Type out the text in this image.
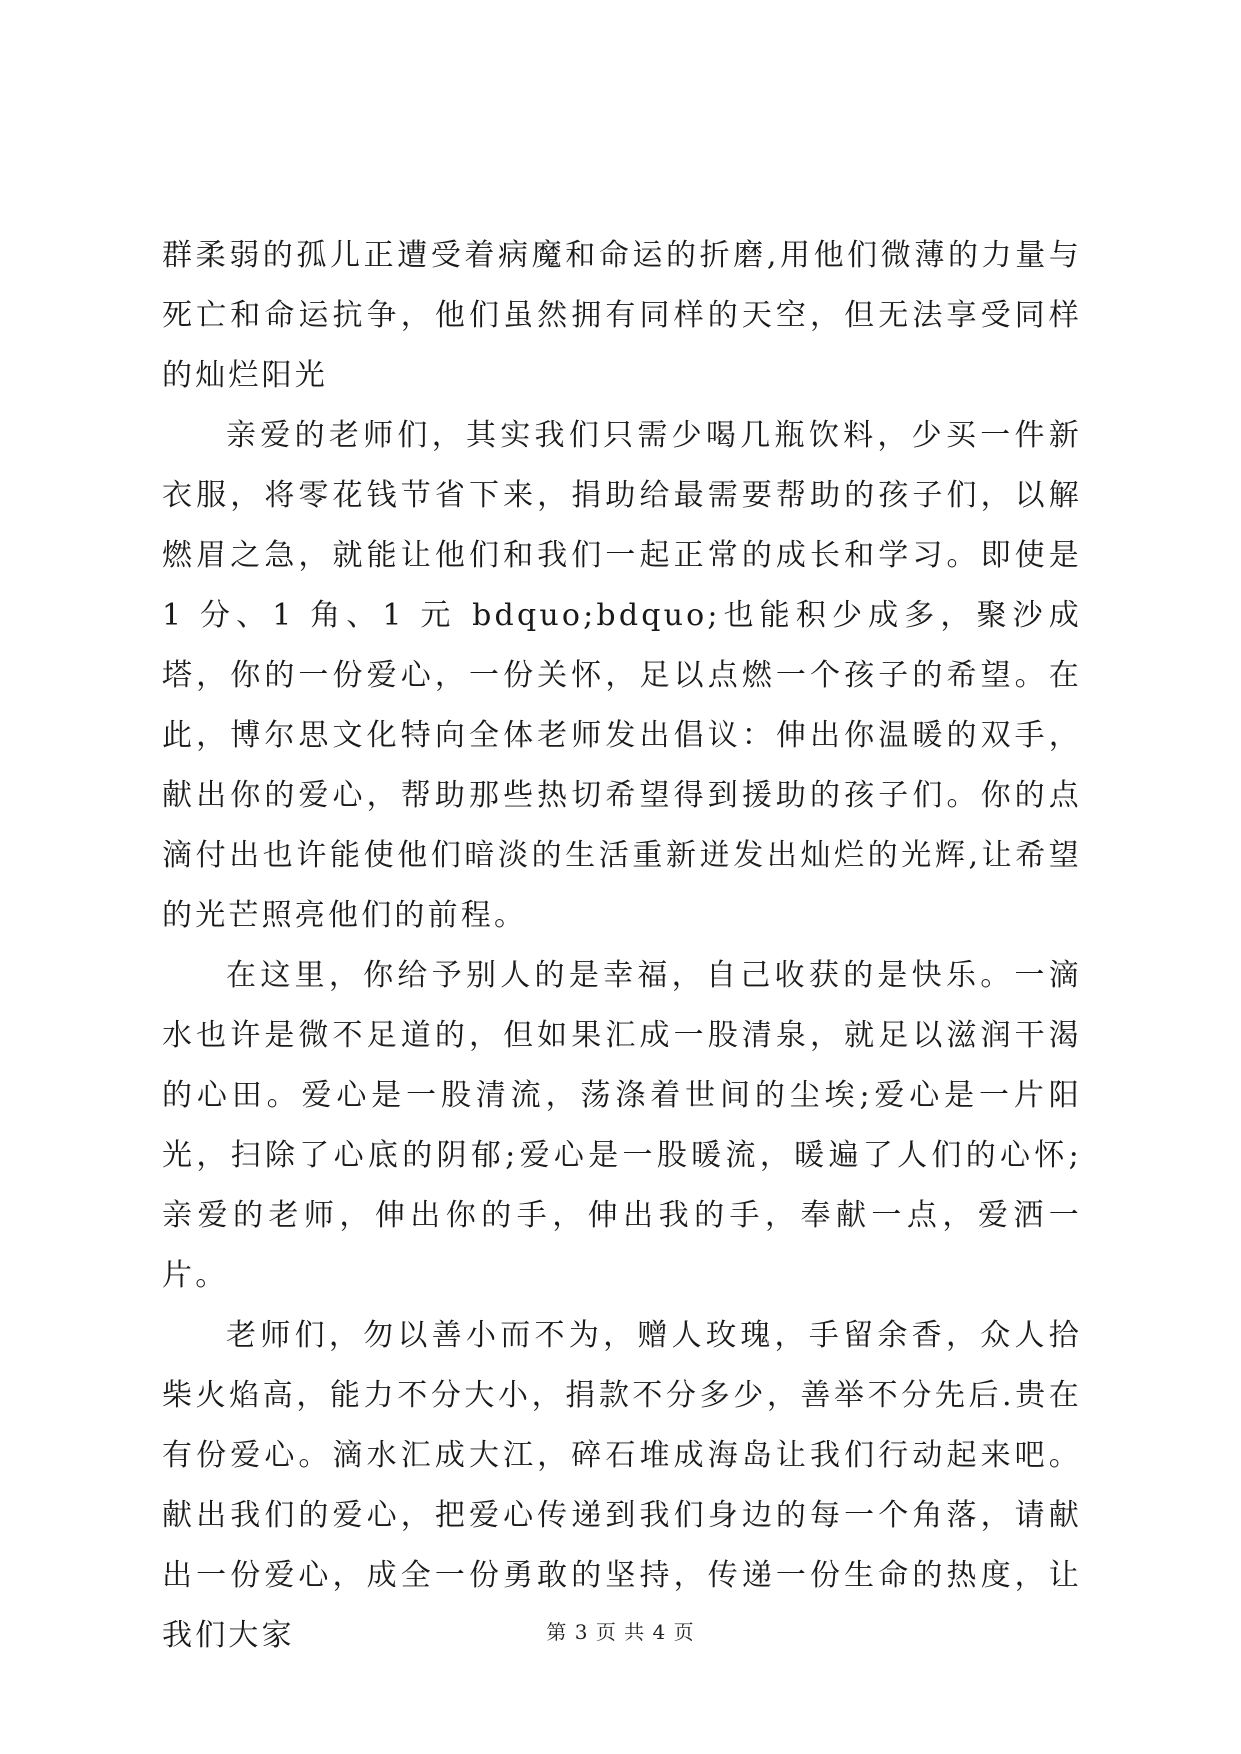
群柔弱的孤儿正遭受着病魔和命运的折磨,用他们微薄的力量与死亡和命运抗争，他们虽然拥有同样的天空，但无法享受同样的灿烂阳光

亲爱的老师们，其实我们只需少喝几瓶饮料，少买一件新衣服，将零花钱节省下来，捐助给最需要帮助的孩子们，以解燃眉之急，就能让他们和我们一起正常的成长和学习。即使是 1 分、1 角、1 元 bdquo;bdquo;也能积少成多，聚沙成塔，你的一份爱心，一份关怀，足以点燃一个孩子的希望。在此，博尔思文化特向全体老师发出倡议：伸出你温暖的双手，献出你的爱心，帮助那些热切希望得到援助的孩子们。你的点滴付出也许能使他们暗淡的生活重新迸发出灿烂的光辉,让希望的光芒照亮他们的前程。

在这里，你给予别人的是幸福，自己收获的是快乐。一滴水也许是微不足道的，但如果汇成一股清泉，就足以滋润干渴的心田。爱心是一股清流，荡涤着世间的尘埃;爱心是一片阳光，扫除了心底的阴郁;爱心是一股暖流，暖遍了人们的心怀;亲爱的老师，伸出你的手，伸出我的手，奉献一点，爱洒一片。

老师们，勿以善小而不为，赠人玫瑰，手留余香，众人拾柴火焰高，能力不分大小，捐款不分多少，善举不分先后.贵在有份爱心。滴水汇成大江，碎石堆成海岛让我们行动起来吧。献出我们的爱心，把爱心传递到我们身边的每一个角落，请献出一份爱心，成全一份勇敢的坚持，传递一份生命的热度，让我们大家	第 3 页 共 4 页
